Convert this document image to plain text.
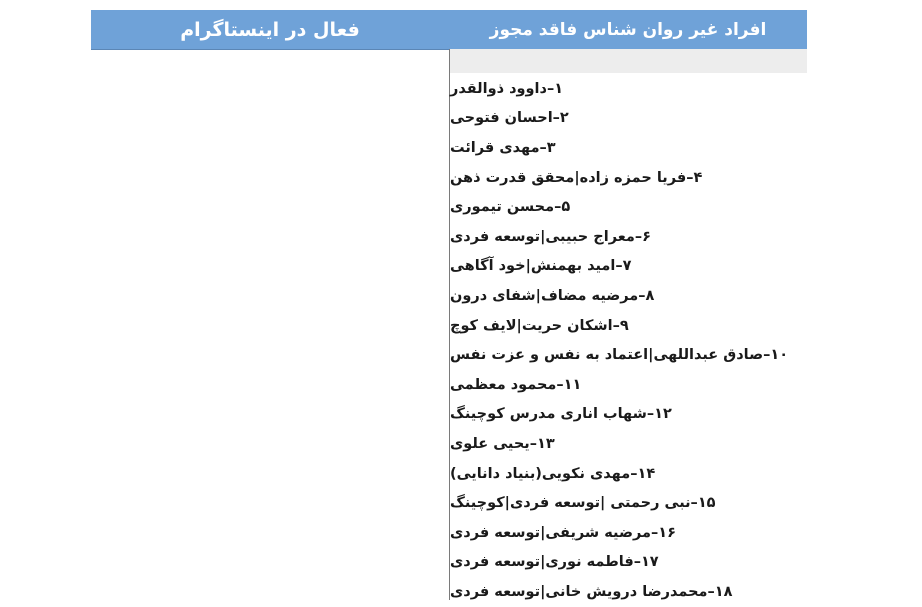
فعال در اینستاگرام	افراد غیر روان شناس فاقد مجوز
۱–داوود ذوالقدر
۲–احسان فتوحی
۳–مهدی قرائت
۴–فریا حمزه زاده|محقق قدرت ذهن
۵–محسن تیموری
۶–معراج حبیبی|توسعه فردی
۷–امید بهمنش|خود آگاهی
۸–مرضیه مضاف|شفای درون
۹–اشکان حریت|لایف کوچ
۱۰–صادق عبداللهی|اعتماد به نفس و عزت نفس
۱۱–محمود معظمی
۱۲–شهاب اناری مدرس کوچینگ
۱۳–یحیی علوی
۱۴–مهدی نکویی(بنیاد دانایی)
۱۵–نبی رحمتی |توسعه فردی|کوچینگ
۱۶–مرضیه شریفی|توسعه فردی
۱۷–فاطمه نوری|توسعه فردی
۱۸–محمدرضا درویش خانی|توسعه فردی
